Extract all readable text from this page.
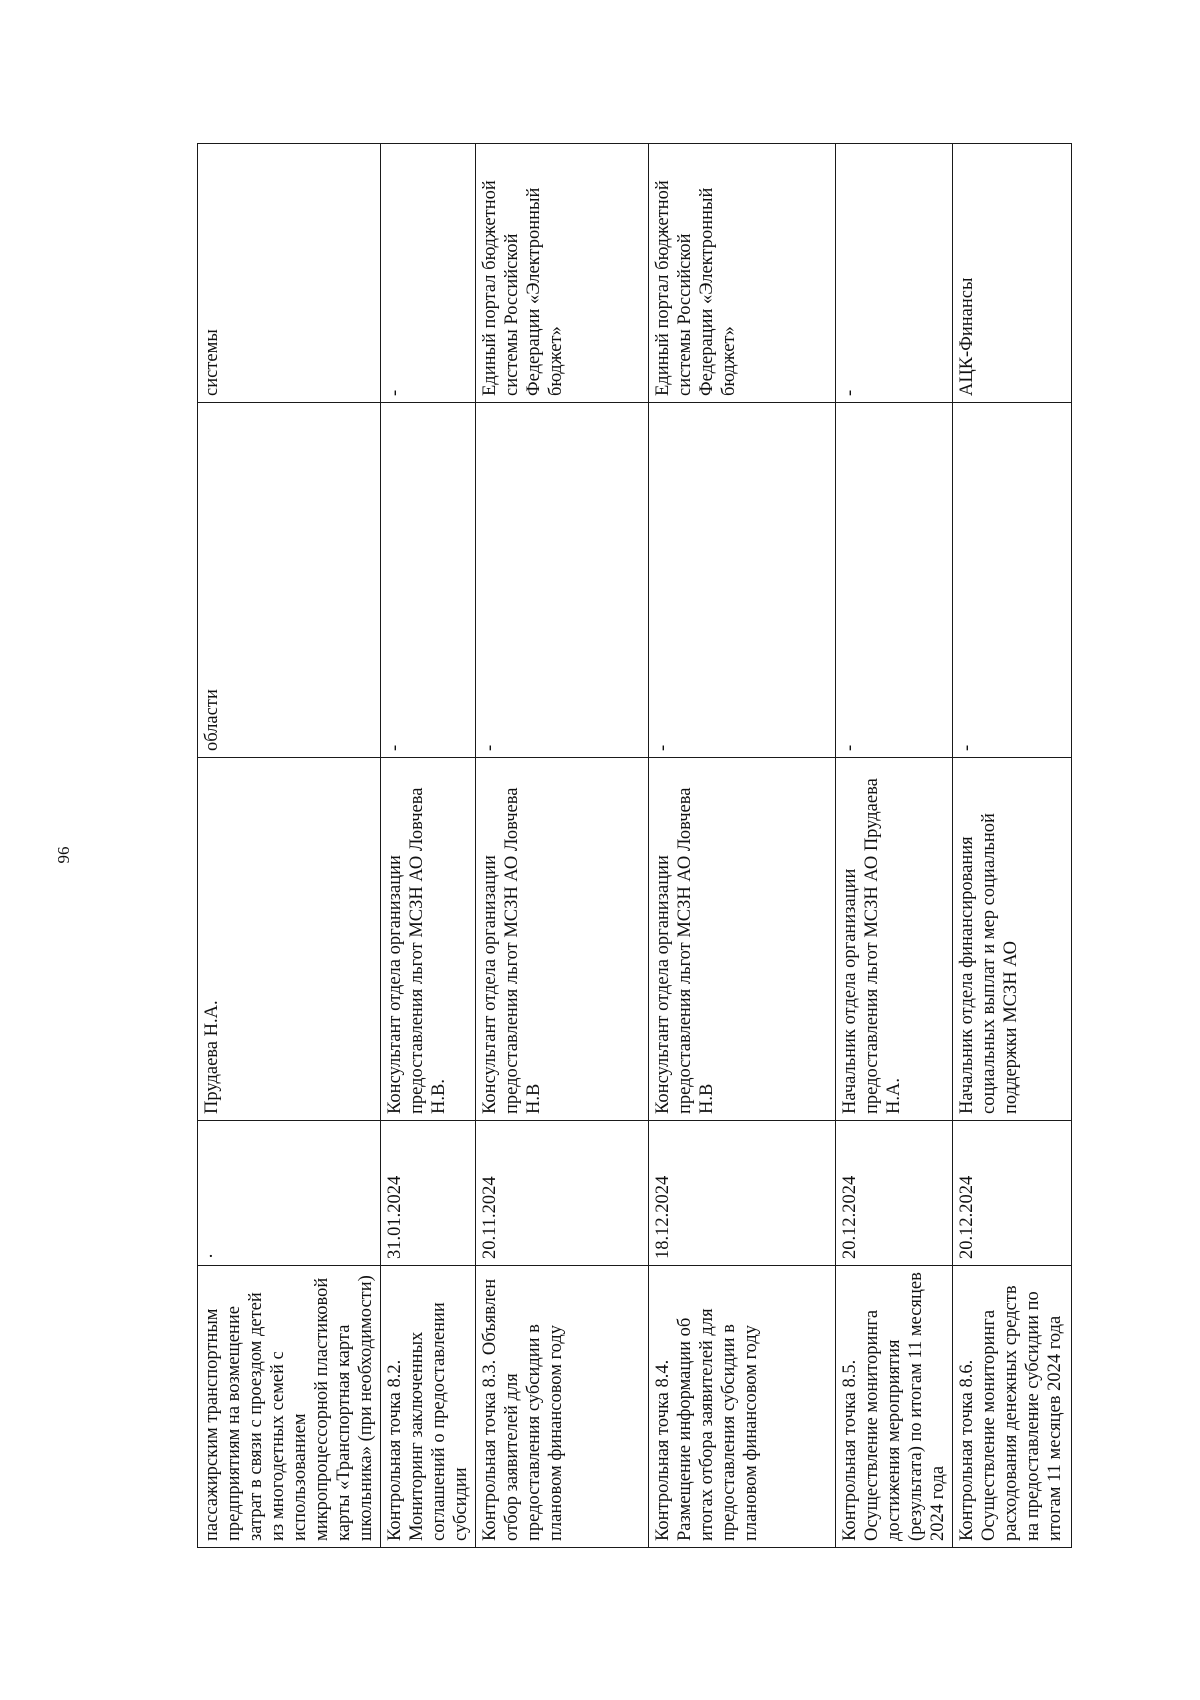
96
пассажирским транспортным предприятиям на возмещение затрат в связи с проездом детей из многодетных семей с использованием микропроцессорной пластиковой карты «Транспортная карта школьника» (при необходимости)	·	Прудаева Н.А.	области	системы
Контрольная точка 8.2. Мониторинг заключенных соглашений о предоставлении субсидии	31.01.2024	Консультант отдела организации предоставления льгот МСЗН АО Ловчева Н.В.	-	-
Контрольная точка 8.3. Объявлен отбор заявителей для предоставления субсидии в плановом финансовом году	20.11.2024	Консультант отдела организации предоставления льгот МСЗН АО Ловчева Н.В	-	Единый портал бюджетной системы Российской Федерации «Электронный бюджет»
Контрольная точка 8.4. Размещение информации об итогах отбора заявителей для предоставления субсидии в плановом финансовом году	18.12.2024	Консультант отдела организации предоставления льгот МСЗН АО Ловчева Н.В	-	Единый портал бюджетной системы Российской Федерации «Электронный бюджет»
Контрольная точка 8.5. Осуществление мониторинга достижения мероприятия (результата) по итогам 11 месяцев 2024 года	20.12.2024	Начальник отдела организации предоставления льгот МСЗН АО Прудаева Н.А.	-	-
Контрольная точка 8.6. Осуществление мониторинга расходования денежных средств на предоставление субсидии по итогам 11 месяцев 2024 года	20.12.2024	Начальник отдела финансирования социальных выплат и мер социальной поддержки МСЗН АО	-	АЦК-Финансы
